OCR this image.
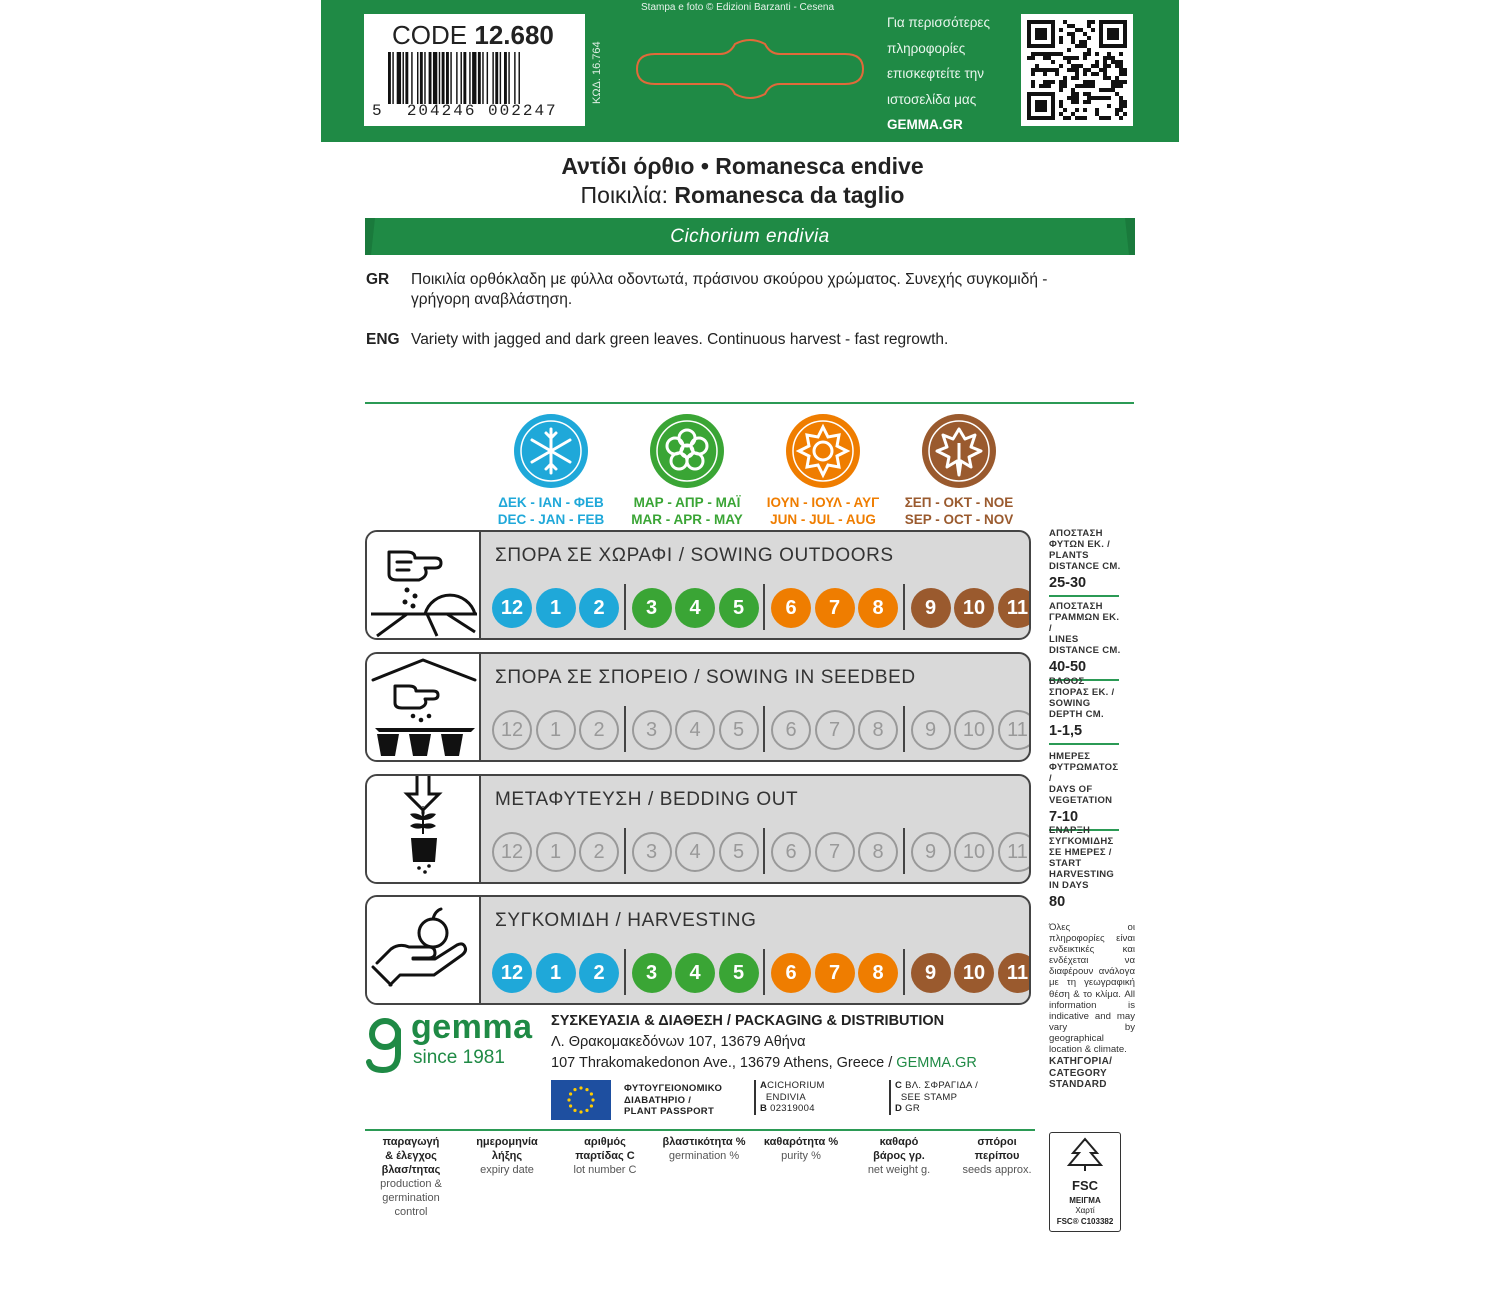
CODE 12.680
5 204246 002247
ΚΩΔ. 16.764
Stampa e foto © Edizioni Barzanti - Cesena
Για περισσότερες
πληροφορίες
επισκεφτείτε την
ιστοσελίδα μας
GEMMA.GR
Αντίδι όρθιο • Romanesca endive
Ποικιλία: Romanesca da taglio
Cichorium endivia
GR Ποικιλία ορθόκλαδη με φύλλα οδοντωτά, πράσινου σκούρου χρώματος. Συνεχής συγκομιδή - γρήγορη αναβλάστηση.
ENG Variety with jagged and dark green leaves. Continuous harvest - fast regrowth.
ΔΕΚ - ΙΑΝ - ΦΕΒ
DEC - JAN - FEB
ΜΑΡ - ΑΠΡ - ΜΑΪ
MAR - APR - MAY
ΙΟΥΝ - ΙΟΥΛ - ΑΥΓ
JUN - JUL - AUG
ΣΕΠ - ΟΚΤ - ΝΟΕ
SEP - OCT - NOV
ΣΠΟΡΑ ΣΕ ΧΩΡΑΦΙ / SOWING OUTDOORS
12	1	2	3	4	5	6	7	8	9	10	11
ΣΠΟΡΑ ΣΕ ΣΠΟΡΕΙΟ / SOWING IN SEEDBED
12	1	2	3	4	5	6	7	8	9	10	11
ΜΕΤΑΦΥΤΕΥΣΗ / BEDDING OUT
12	1	2	3	4	5	6	7	8	9	10	11
ΣΥΓΚΟΜΙΔΗ / HARVESTING
12	1	2	3	4	5	6	7	8	9	10	11
ΑΠΟΣΤΑΣΗ
ΦΥΤΩΝ ΕΚ. /
PLANTS
DISTANCE CM.
25-30
ΑΠΟΣΤΑΣΗ
ΓΡΑΜΜΩΝ ΕΚ. /
LINES
DISTANCE CM.
40-50
ΒΑΘΟΣ
ΣΠΟΡΑΣ ΕΚ. /
SOWING
DEPTH CM.
1-1,5
ΗΜΕΡΕΣ
ΦΥΤΡΩΜΑΤΟΣ /
DAYS OF
VEGETATION
7-10
ΕΝΑΡΞΗ
ΣΥΓΚΟΜΙΔΗΣ
ΣΕ ΗΜΕΡΕΣ /
START
HARVESTING
IN DAYS
80
Όλες οι πληροφορίες είναι ενδεικτικές και ενδέχεται να διαφέρουν ανάλογα με τη γεωγραφική θέση & το κλίμα. All information is indicative and may vary by geographical location & climate.
ΚΑΤΗΓΟΡΙΑ/
CATEGORY
STANDARD
gemma
since 1981
ΣΥΣΚΕΥΑΣΙΑ & ΔΙΑΘΕΣΗ / PACKAGING & DISTRIBUTION
Λ. Θρακομακεδόνων 107, 13679 Αθήνα
107 Thrakomakedonon Ave., 13679 Athens, Greece / GEMMA.GR
ΦΥΤΟΥΓΕΙΟΝΟΜΙΚΟ
ΔΙΑΒΑΤΗΡΙΟ /
PLANT PASSPORT
ACICHORIUM
ENDIVIA
B 02319004
C ΒΛ. ΣΦΡΑΓΙΔΑ /
SEE STAMP
D GR
παραγωγή
& έλεγχος
βλασ/τητας
production &
germination
control
ημερομηνία
λήξης
expiry date
αριθμός
παρτίδας C
lot number C
βλαστικότητα %
germination %
καθαρότητα %
purity %
καθαρό
βάρος γρ.
net weight g.
σπόροι
περίπου
seeds approx.
FSC
ΜΕΙΓΜΑ
Χαρτί
FSC® C103382
